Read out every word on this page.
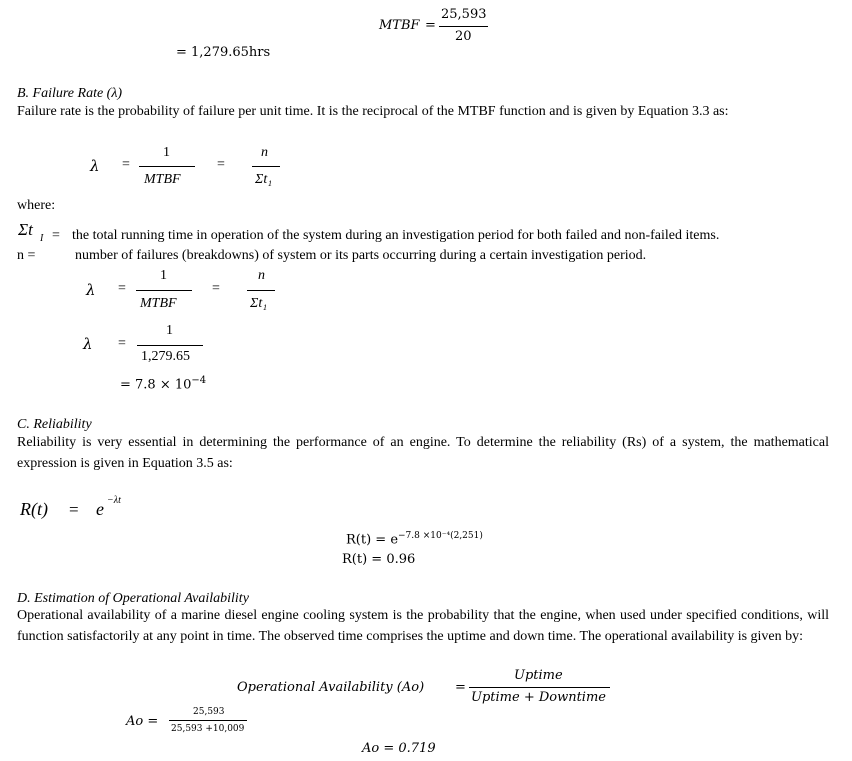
MTBF =
25,593
20
= 1,279.65hrs
B. Failure Rate (λ)
Failure rate is the probability of failure per unit time. It is the reciprocal of the MTBF function and is given by Equation 3.3 as:
λ =
1
MTBF
=
n
Σt₁
where:
Σt I = the total running time in operation of the system during an investigation period for both failed and non-failed items.
n =	number of failures (breakdowns) of system or its parts occurring during a certain investigation period.
λ =
1
MTBF
=
n
Σt₁
λ =
1
1,279.65
= $7.8 \times 10^{-4}$
C. Reliability
Reliability is very essential in determining the performance of an engine. To determine the reliability (Rs) of a system, the mathematical expression is given in Equation 3.5 as:
R(t) = e −λt
$R(t) = e^{-7.8 \times 10^{-4}(2,251)}$
R(t) = 0.96
D. Estimation of Operational Availability
Operational availability of a marine diesel engine cooling system is the probability that the engine, when used under specified conditions, will function satisfactorily at any point in time. The observed time comprises the uptime and down time. The operational availability is given by:
Operational Availability (Ao) =
Uptime
Uptime + Downtime
Ao =
25,593
25,593 +10,009
Ao = 0.719
